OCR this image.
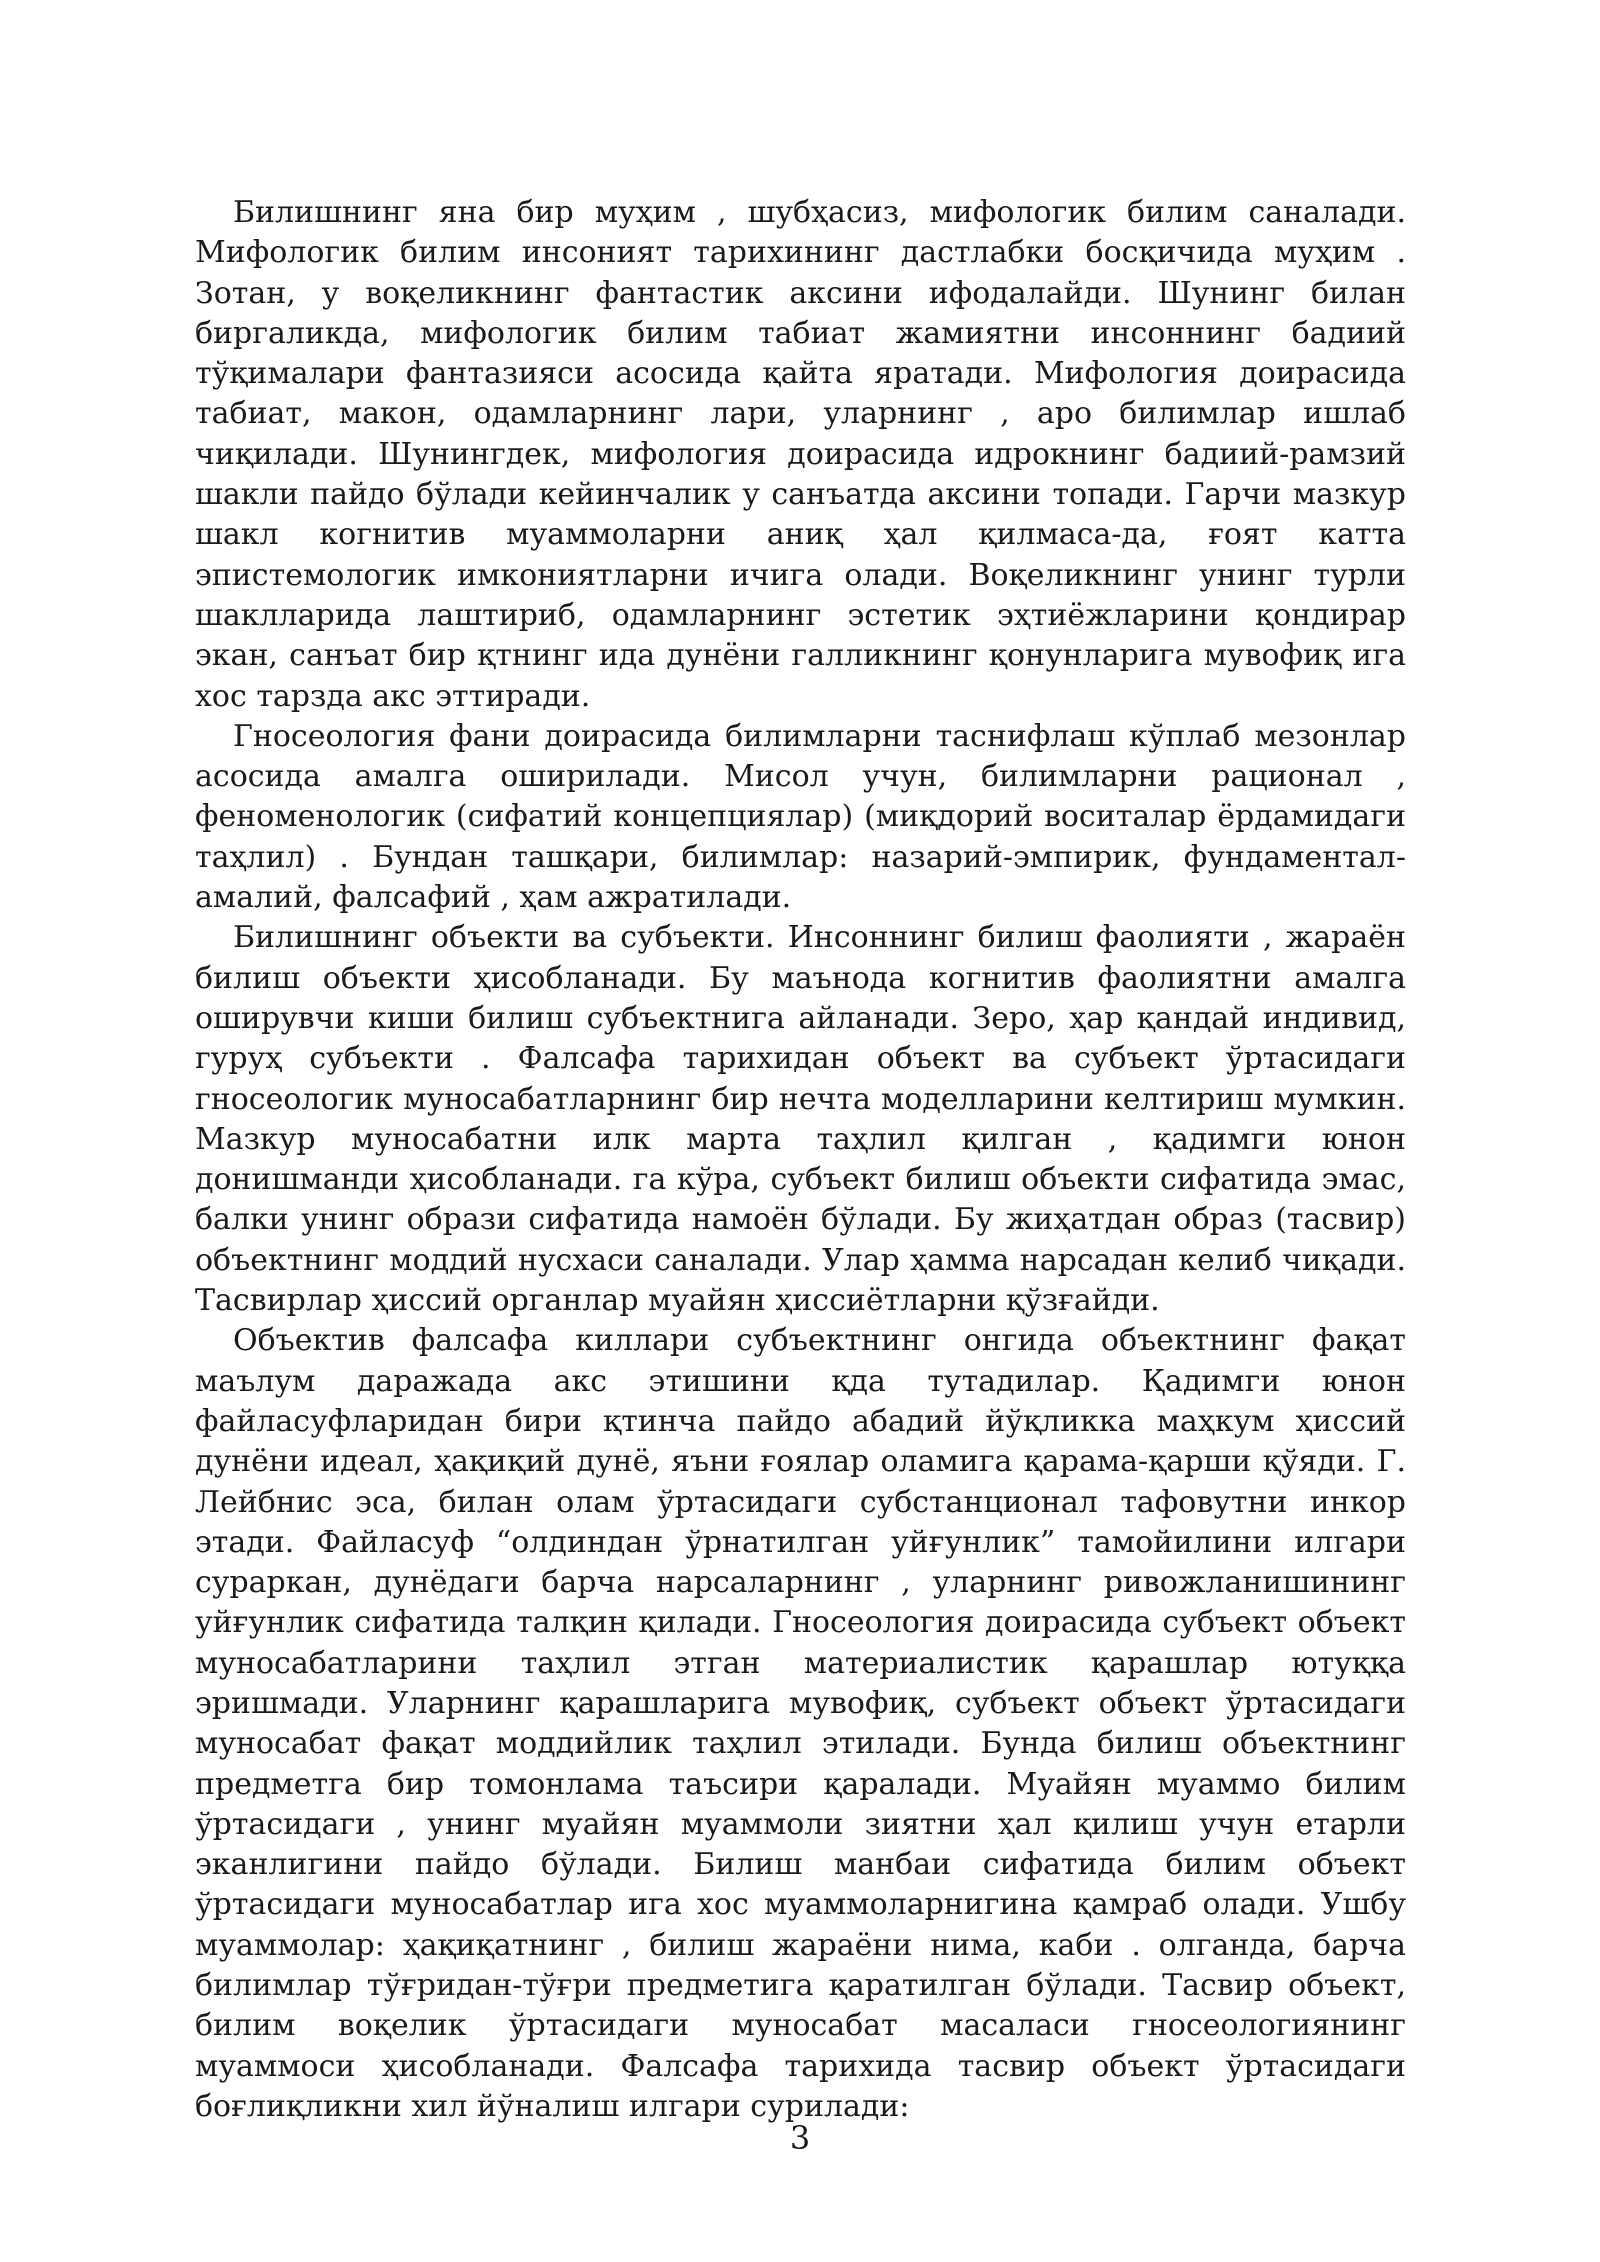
Билишнинг яна бир муҳим , шубҳасиз, мифологик билим саналади. Мифологик билим инсоният тарихининг дастлабки босқичида муҳим . Зотан, у воқеликнинг фантастик аксини ифодалайди. Шунинг билан биргаликда, мифологик билим табиат жамиятни инсоннинг бадиий тўқималари фантазияси асосида қайта яратади. Мифология доирасида табиат, макон, одамларнинг лари, уларнинг , аро билимлар ишлаб чиқилади. Шунингдек, мифология доирасида идрокнинг бадиий-рамзий шакли пайдо бўлади кейинчалик у санъатда аксини топади. Гарчи мазкур шакл когнитив муаммоларни аниқ ҳал қилмаса-да, ғоят катта эпистемологик имкониятларни ичига олади. Воқеликнинг унинг турли шаклларида лаштириб, одамларнинг эстетик эҳтиёжларини қондирар экан, санъат бир қтнинг ида дунёни галликнинг қонунларига мувофиқ ига хос тарзда акс эттиради.

Гносеология фани доирасида билимларни таснифлаш кўплаб мезонлар асосида амалга оширилади. Мисол учун, билимларни рационал , феноменологик (сифатий концепциялар) (миқдорий воситалар ёрдамидаги таҳлил) . Бундан ташқари, билимлар: назарий-эмпирик, фундаментал-амалий, фалсафий , ҳам ажратилади.

Билишнинг объекти ва субъекти. Инсоннинг билиш фаолияти , жараён билиш объекти ҳисобланади. Бу маънода когнитив фаолиятни амалга оширувчи киши билиш субъектнига айланади. Зеро, ҳар қандай индивид, гуруҳ субъекти . Фалсафа тарихидан объект ва субъект ўртасидаги гносеологик муносабатларнинг бир нечта моделларини келтириш мумкин. Мазкур муносабатни илк марта таҳлил қилган , қадимги юнон донишманди ҳисобланади. га кўра, субъект билиш объекти сифатида эмас, балки унинг образи сифатида намоён бўлади. Бу жиҳатдан образ (тасвир) объектнинг моддий нусхаси саналади. Улар ҳамма нарсадан келиб чиқади. Тасвирлар ҳиссий органлар муайян ҳиссиётларни қўзғайди.

Объектив фалсафа киллари субъектнинг онгида объектнинг фақат маълум даражада акс этишини қда тутадилар. Қадимги юнон файласуфларидан бири қтинча пайдо абадий йўқликка маҳкум ҳиссий дунёни идеал, ҳақиқий дунё, яъни ғоялар оламига қарама-қарши қўяди. Г. Лейбнис эса, билан олам ўртасидаги субстанционал тафовутни инкор этади. Файласуф “олдиндан ўрнатилган уйғунлик” тамойилини илгари сураркан, дунёдаги барча нарсаларнинг , уларнинг ривожланишининг уйғунлик сифатида талқин қилади. Гносеология доирасида субъект объект муносабатларини таҳлил этган материалистик қарашлар ютуққа эришмади. Уларнинг қарашларига мувофиқ, субъект объект ўртасидаги муносабат фақат моддийлик таҳлил этилади. Бунда билиш объектнинг предметга бир томонлама таъсири қаралади. Муайян муаммо билим ўртасидаги , унинг муайян муаммоли зиятни ҳал қилиш учун етарли эканлигини пайдо бўлади. Билиш манбаи сифатида билим объект ўртасидаги муносабатлар ига хос муаммоларнигина қамраб олади. Ушбу муаммолар: ҳақиқатнинг , билиш жараёни нима, каби . олганда, барча билимлар тўғридан-тўғри предметига қаратилган бўлади. Тасвир объект, билим воқелик ўртасидаги муносабат масаласи гносеологиянинг муаммоси ҳисобланади. Фалсафа тарихида тасвир объект ўртасидаги боғлиқликни хил йўналиш илгари сурилади:

3
